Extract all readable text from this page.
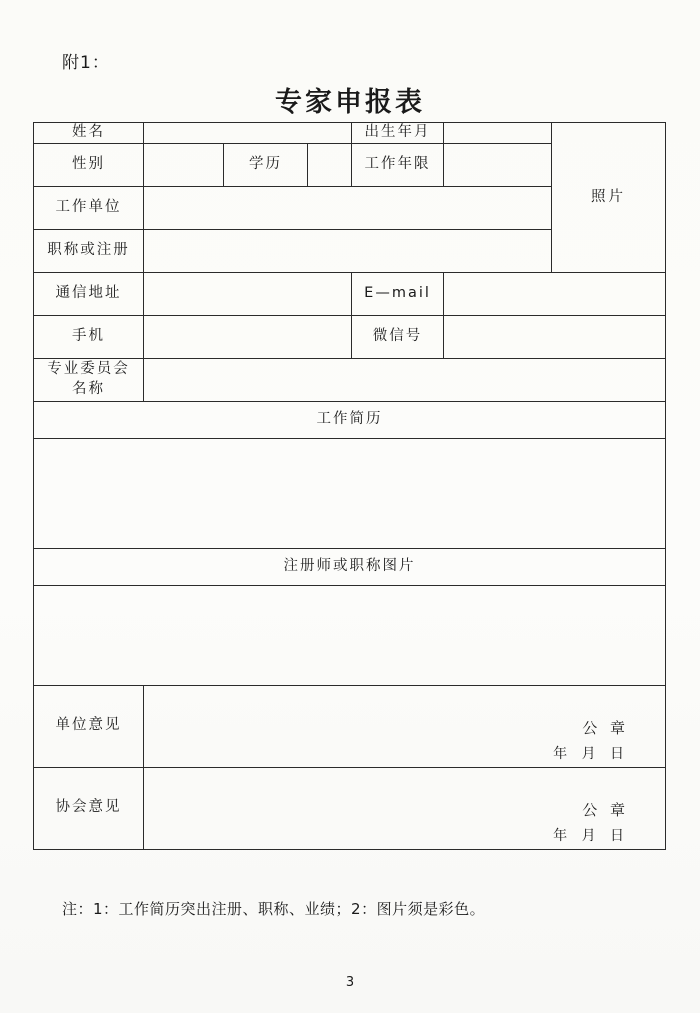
附1：
专家申报表
姓名				出生年月		照片
性别		学历		工作年限		
工作单位						
职称或注册						
通信地址				E—mail		
手机				微信号		

专业委员会
名称						

工作简历						

注册师或职称图片						

单位意见	公 章
年 月 日					

协会意见	公 章
年 月 日					
注：1：工作简历突出注册、职称、业绩；2：图片须是彩色。
3
